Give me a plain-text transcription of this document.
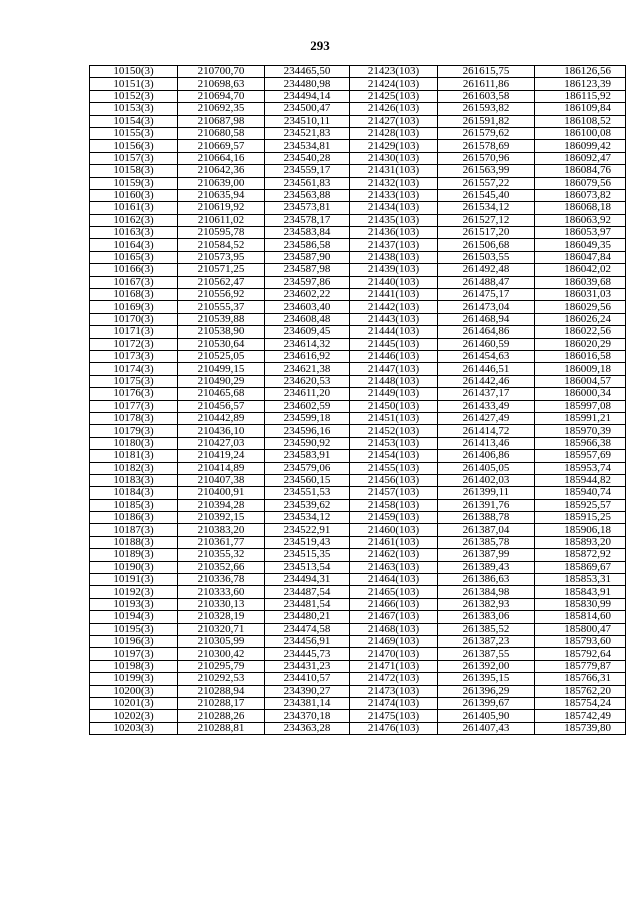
293
10150(3)	210700,70	234465,50	21423(103)	261615,75	186126,56
10151(3)	210698,63	234480,98	21424(103)	261611,86	186123,39
10152(3)	210694,70	234494,14	21425(103)	261603,58	186115,92
10153(3)	210692,35	234500,47	21426(103)	261593,82	186109,84
10154(3)	210687,98	234510,11	21427(103)	261591,82	186108,52
10155(3)	210680,58	234521,83	21428(103)	261579,62	186100,08
10156(3)	210669,57	234534,81	21429(103)	261578,69	186099,42
10157(3)	210664,16	234540,28	21430(103)	261570,96	186092,47
10158(3)	210642,36	234559,17	21431(103)	261563,99	186084,76
10159(3)	210639,00	234561,83	21432(103)	261557,22	186079,56
10160(3)	210635,94	234563,88	21433(103)	261545,40	186073,82
10161(3)	210619,92	234573,81	21434(103)	261534,12	186068,18
10162(3)	210611,02	234578,17	21435(103)	261527,12	186063,92
10163(3)	210595,78	234583,84	21436(103)	261517,20	186053,97
10164(3)	210584,52	234586,58	21437(103)	261506,68	186049,35
10165(3)	210573,95	234587,90	21438(103)	261503,55	186047,84
10166(3)	210571,25	234587,98	21439(103)	261492,48	186042,02
10167(3)	210562,47	234597,86	21440(103)	261488,47	186039,68
10168(3)	210556,92	234602,22	21441(103)	261475,17	186031,03
10169(3)	210555,37	234603,40	21442(103)	261473,04	186029,56
10170(3)	210539,88	234608,48	21443(103)	261468,94	186026,24
10171(3)	210538,90	234609,45	21444(103)	261464,86	186022,56
10172(3)	210530,64	234614,32	21445(103)	261460,59	186020,29
10173(3)	210525,05	234616,92	21446(103)	261454,63	186016,58
10174(3)	210499,15	234621,38	21447(103)	261446,51	186009,18
10175(3)	210490,29	234620,53	21448(103)	261442,46	186004,57
10176(3)	210465,68	234611,20	21449(103)	261437,17	186000,34
10177(3)	210456,57	234602,59	21450(103)	261433,49	185997,08
10178(3)	210442,89	234599,18	21451(103)	261427,49	185991,21
10179(3)	210436,10	234596,16	21452(103)	261414,72	185970,39
10180(3)	210427,03	234590,92	21453(103)	261413,46	185966,38
10181(3)	210419,24	234583,91	21454(103)	261406,86	185957,69
10182(3)	210414,89	234579,06	21455(103)	261405,05	185953,74
10183(3)	210407,38	234560,15	21456(103)	261402,03	185944,82
10184(3)	210400,91	234551,53	21457(103)	261399,11	185940,74
10185(3)	210394,28	234539,62	21458(103)	261391,76	185925,57
10186(3)	210392,15	234534,12	21459(103)	261388,78	185915,25
10187(3)	210383,20	234522,91	21460(103)	261387,04	185906,18
10188(3)	210361,77	234519,43	21461(103)	261385,78	185893,20
10189(3)	210355,32	234515,35	21462(103)	261387,99	185872,92
10190(3)	210352,66	234513,54	21463(103)	261389,43	185869,67
10191(3)	210336,78	234494,31	21464(103)	261386,63	185853,31
10192(3)	210333,60	234487,54	21465(103)	261384,98	185843,91
10193(3)	210330,13	234481,54	21466(103)	261382,93	185830,99
10194(3)	210328,19	234480,21	21467(103)	261383,06	185814,60
10195(3)	210320,71	234474,58	21468(103)	261385,52	185800,47
10196(3)	210305,99	234456,91	21469(103)	261387,23	185793,60
10197(3)	210300,42	234445,73	21470(103)	261387,55	185792,64
10198(3)	210295,79	234431,23	21471(103)	261392,00	185779,87
10199(3)	210292,53	234410,57	21472(103)	261395,15	185766,31
10200(3)	210288,94	234390,27	21473(103)	261396,29	185762,20
10201(3)	210288,17	234381,14	21474(103)	261399,67	185754,24
10202(3)	210288,26	234370,18	21475(103)	261405,90	185742,49
10203(3)	210288,81	234363,28	21476(103)	261407,43	185739,80
